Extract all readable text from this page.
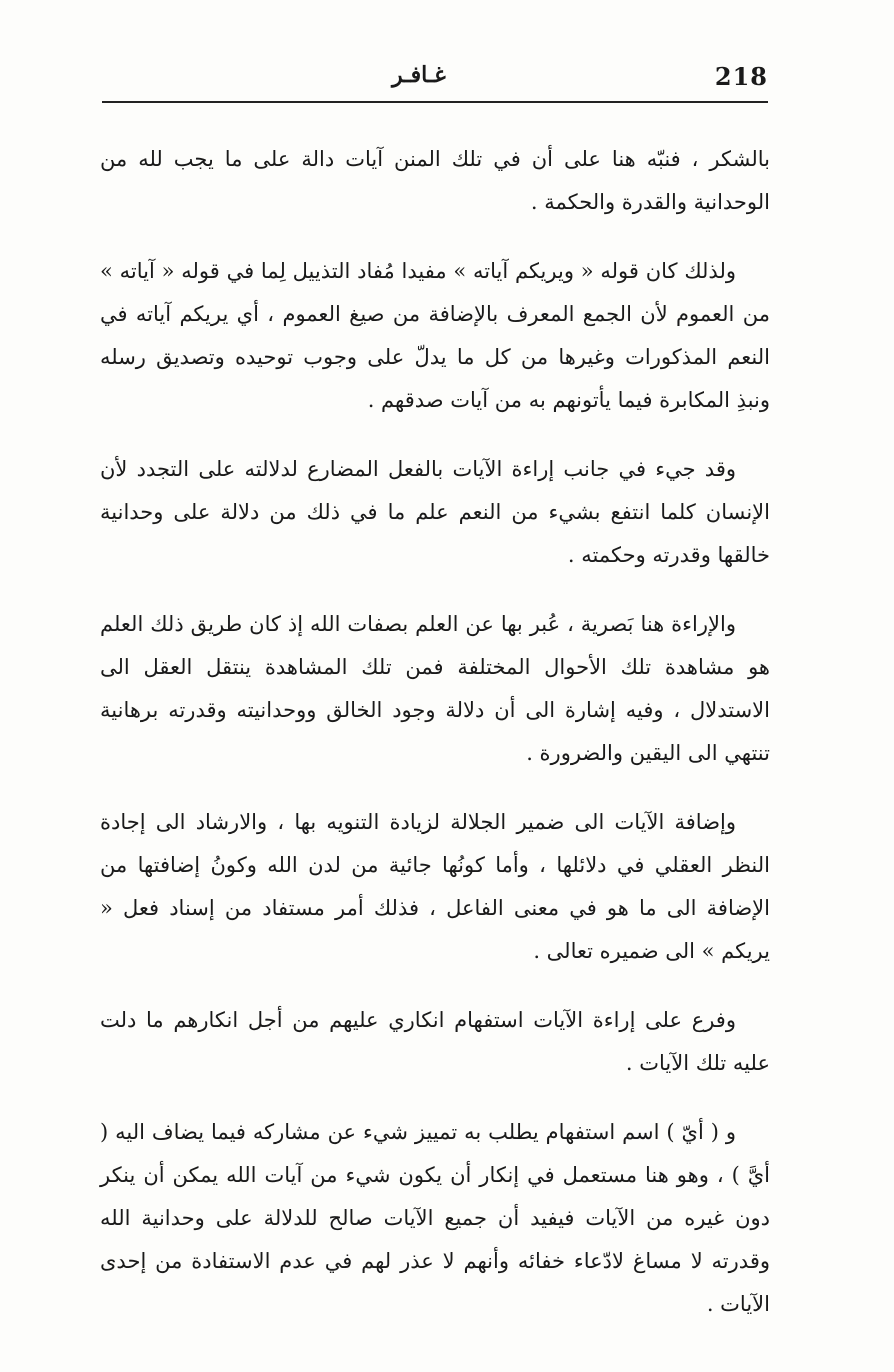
218
غـافـر

بالشكر ، فنبّه هنا على أن في تلك المنن آيات دالة على ما يجب لله من الوحدانية والقدرة والحكمة .

ولذلك كان قوله « ويريكم آياته » مفيدا مُفاد التذييل لِما في قوله « آياته » من العموم لأن الجمع المعرف بالإضافة من صيغ العموم ، أي يريكم آياته في النعم المذكورات وغيرها من كل ما يدلّ على وجوب توحيده وتصديق رسله ونبذِ المكابرة فيما يأتونهم به من آيات صدقهم .

وقد جيء في جانب إراءة الآيات بالفعل المضارع لدلالته على التجدد لأن الإنسان كلما انتفع بشيء من النعم علم ما في ذلك من دلالة على وحدانية خالقها وقدرته وحكمته .

والإراءة هنا بَصرية ، عُبر بها عن العلم بصفات الله إذ كان طريق ذلك العلم هو مشاهدة تلك الأحوال المختلفة فمن تلك المشاهدة ينتقل العقل الى الاستدلال ، وفيه إشارة الى أن دلالة وجود الخالق ووحدانيته وقدرته برهانية تنتهي الى اليقين والضرورة .

وإضافة الآيات الى ضمير الجلالة لزيادة التنويه بها ، والارشاد الى إجادة النظر العقلي في دلائلها ، وأما كونُها جائية من لدن الله وكونُ إضافتها من الإضافة الى ما هو في معنى الفاعل ، فذلك أمر مستفاد من إسناد فعل « يريكم » الى ضميره تعالى .

وفرع على إراءة الآيات استفهام انكاري عليهم من أجل انكارهم ما دلت عليه تلك الآيات .

و ( أيّ ) اسم استفهام يطلب به تمييز شيء عن مشاركه فيما يضاف اليه ( أيَّ ) ، وهو هنا مستعمل في إنكار أن يكون شيء من آيات الله يمكن أن ينكر دون غيره من الآيات فيفيد أن جميع الآيات صالح للدلالة على وحدانية الله وقدرته لا مساغ لادّعاء خفائه وأنهم لا عذر لهم في عدم الاستفادة من إحدى الآيات .
